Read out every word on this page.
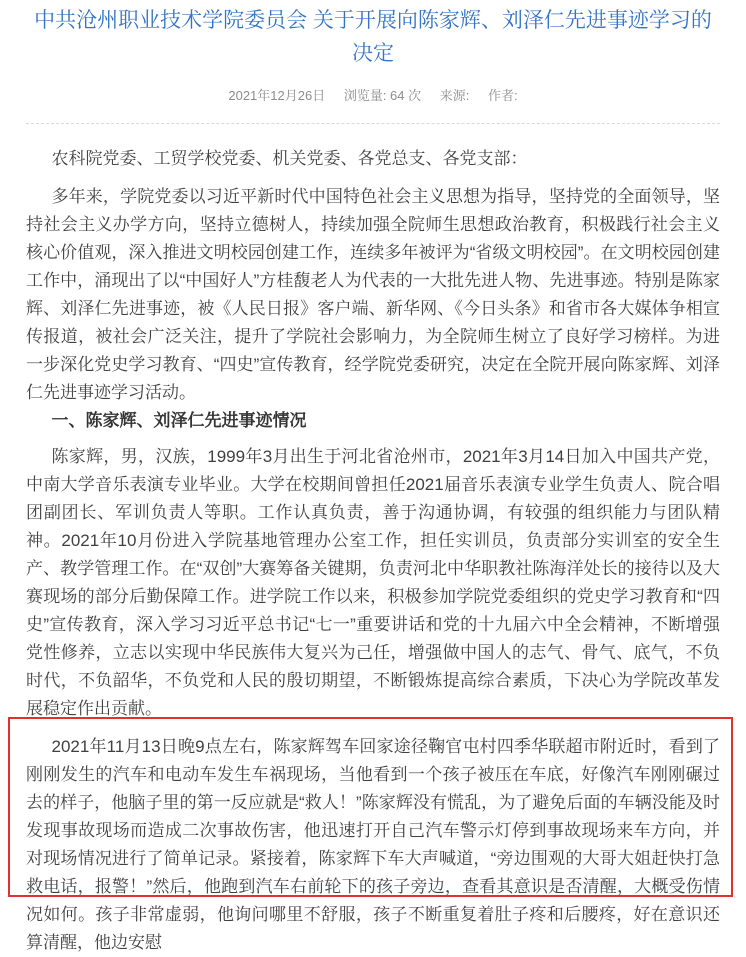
中共沧州职业技术学院委员会 关于开展向陈家辉、刘泽仁先进事迹学习的决定
2021年12月26日 浏览量: 64 次 来源: 作者:

农科院党委、工贸学校党委、机关党委、各党总支、各党支部：

多年来，学院党委以习近平新时代中国特色社会主义思想为指导，坚持党的全面领导，坚持社会主义办学方向，坚持立德树人，持续加强全院师生思想政治教育，积极践行社会主义核心价值观，深入推进文明校园创建工作，连续多年被评为“省级文明校园”。在文明校园创建工作中，涌现出了以“中国好人”方桂馥老人为代表的一大批先进人物、先进事迹。特别是陈家辉、刘泽仁先进事迹，被《人民日报》客户端、新华网、《今日头条》和省市各大媒体争相宣传报道，被社会广泛关注，提升了学院社会影响力，为全院师生树立了良好学习榜样。为进一步深化党史学习教育、“四史”宣传教育，经学院党委研究，决定在全院开展向陈家辉、刘泽仁先进事迹学习活动。

一、陈家辉、刘泽仁先进事迹情况

陈家辉，男，汉族，1999年3月出生于河北省沧州市，2021年3月14日加入中国共产党，中南大学音乐表演专业毕业。大学在校期间曾担任2021届音乐表演专业学生负责人、院合唱团副团长、军训负责人等职。工作认真负责，善于沟通协调，有较强的组织能力与团队精神。2021年10月份进入学院基地管理办公室工作，担任实训员，负责部分实训室的安全生产、教学管理工作。在“双创”大赛筹备关键期，负责河北中华职教社陈海洋处长的接待以及大赛现场的部分后勤保障工作。进学院工作以来，积极参加学院党委组织的党史学习教育和“四史”宣传教育，深入学习习近平总书记“七一”重要讲话和党的十九届六中全会精神，不断增强党性修养，立志以实现中华民族伟大复兴为己任，增强做中国人的志气、骨气、底气，不负时代，不负韶华，不负党和人民的殷切期望，不断锻炼提高综合素质，下决心为学院改革发展稳定作出贡献。

2021年11月13日晚9点左右，陈家辉驾车回家途径鞠官屯村四季华联超市附近时，看到了刚刚发生的汽车和电动车发生车祸现场，当他看到一个孩子被压在车底，好像汽车刚刚碾过去的样子，他脑子里的第一反应就是“救人！”陈家辉没有慌乱，为了避免后面的车辆没能及时发现事故现场而造成二次事故伤害，他迅速打开自己汽车警示灯停到事故现场来车方向，并对现场情况进行了简单记录。紧接着，陈家辉下车大声喊道，“旁边围观的大哥大姐赶快打急救电话，报警！”然后，他跑到汽车右前轮下的孩子旁边，查看其意识是否清醒，大概受伤情况如何。孩子非常虚弱，他询问哪里不舒服，孩子不断重复着肚子疼和后腰疼，好在意识还算清醒，他边安慰
